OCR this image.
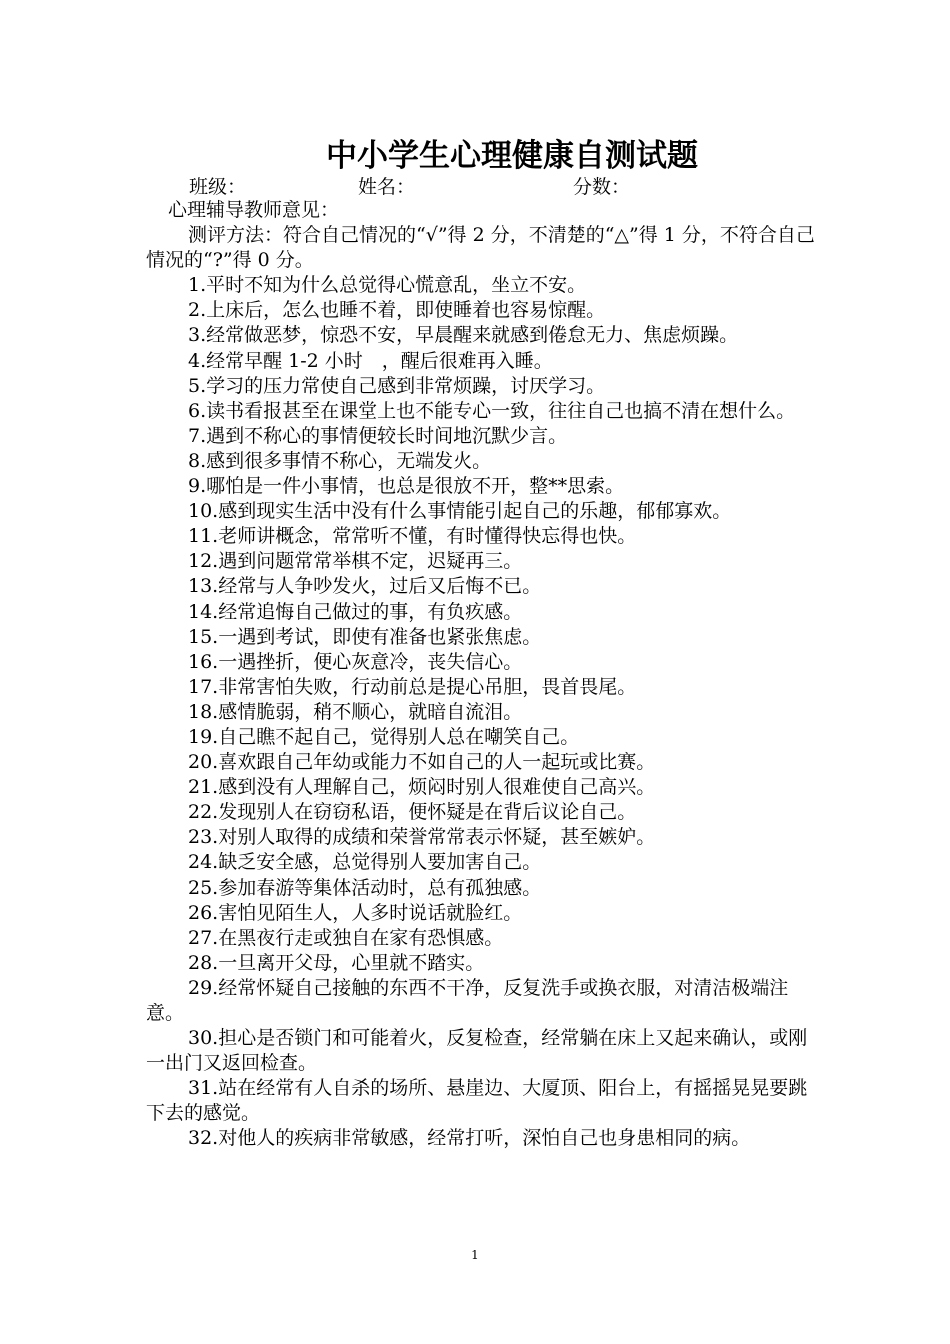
中小学生心理健康自测试题
班级：	姓名：	分数：

心理辅导教师意见：

测评方法：符合自己情况的“√”得 2 分，不清楚的“△”得 1 分，不符合自己情况的“?”得 0 分。

1.平时不知为什么总觉得心慌意乱，坐立不安。

2.上床后，怎么也睡不着，即使睡着也容易惊醒。

3.经常做恶梦，惊恐不安，早晨醒来就感到倦怠无力、焦虑烦躁。

4.经常早醒 1-2 小时　，醒后很难再入睡。

5.学习的压力常使自己感到非常烦躁，讨厌学习。

6.读书看报甚至在课堂上也不能专心一致，往往自己也搞不清在想什么。

7.遇到不称心的事情便较长时间地沉默少言。

8.感到很多事情不称心，无端发火。

9.哪怕是一件小事情，也总是很放不开，整**思索。

10.感到现实生活中没有什么事情能引起自己的乐趣，郁郁寡欢。

11.老师讲概念，常常听不懂，有时懂得快忘得也快。

12.遇到问题常常举棋不定，迟疑再三。

13.经常与人争吵发火，过后又后悔不已。

14.经常追悔自己做过的事，有负疚感。

15.一遇到考试，即使有准备也紧张焦虑。

16.一遇挫折，便心灰意冷，丧失信心。

17.非常害怕失败，行动前总是提心吊胆，畏首畏尾。

18.感情脆弱，稍不顺心，就暗自流泪。

19.自己瞧不起自己，觉得别人总在嘲笑自己。

20.喜欢跟自己年幼或能力不如自己的人一起玩或比赛。

21.感到没有人理解自己，烦闷时别人很难使自己高兴。

22.发现别人在窃窃私语，便怀疑是在背后议论自己。

23.对别人取得的成绩和荣誉常常表示怀疑，甚至嫉妒。

24.缺乏安全感，总觉得别人要加害自己。

25.参加春游等集体活动时，总有孤独感。

26.害怕见陌生人，人多时说话就脸红。

27.在黑夜行走或独自在家有恐惧感。

28.一旦离开父母，心里就不踏实。

29.经常怀疑自己接触的东西不干净，反复洗手或换衣服，对清洁极端注意。

30.担心是否锁门和可能着火，反复检查，经常躺在床上又起来确认，或刚一出门又返回检查。

31.站在经常有人自杀的场所、悬崖边、大厦顶、阳台上，有摇摇晃晃要跳下去的感觉。

32.对他人的疾病非常敏感，经常打听，深怕自己也身患相同的病。

1
